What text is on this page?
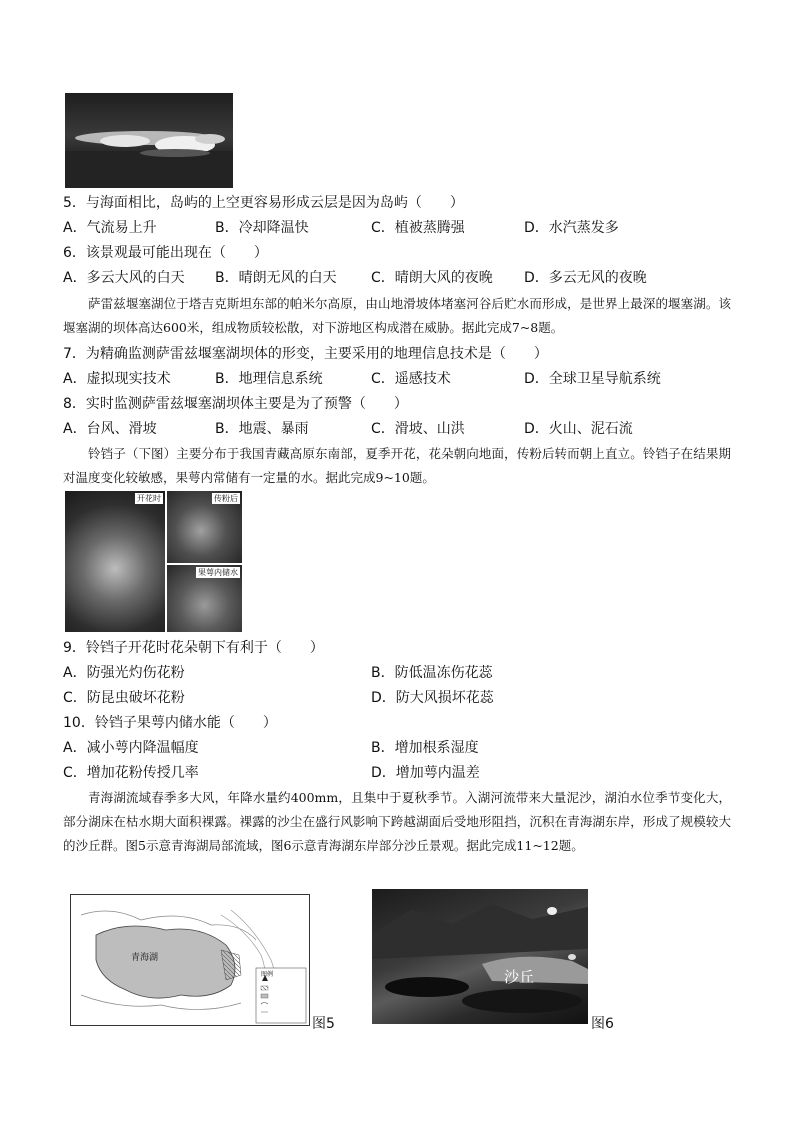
5．与海面相比，岛屿的上空更容易形成云层是因为岛屿（　　）
A．气流易上升	B．冷却降温快	C．植被蒸腾强	D．水汽蒸发多
6．该景观最可能出现在（　　）
A．多云大风的白天 B．晴朗无风的白天 C．晴朗大风的夜晚 D．多云无风的夜晚
萨雷兹堰塞湖位于塔吉克斯坦东部的帕米尔高原，由山地滑坡体堵塞河谷后贮水而形成，是世界上最深的堰塞湖。该堰塞湖的坝体高达600米，组成物质较松散，对下游地区构成潜在威胁。据此完成7~8题。
7．为精确监测萨雷兹堰塞湖坝体的形变，主要采用的地理信息技术是（　　）
A．虚拟现实技术	B．地理信息系统	C．遥感技术	D．全球卫星导航系统
8．实时监测萨雷兹堰塞湖坝体主要是为了预警（　　）
A．台风、滑坡	B．地震、暴雨	C．滑坡、山洪	D．火山、泥石流
铃铛子（下图）主要分布于我国青藏高原东南部，夏季开花，花朵朝向地面，传粉后转而朝上直立。铃铛子在结果期对温度变化较敏感，果萼内常储有一定量的水。据此完成9~10题。
开花时	传粉后
果萼内储水
9．铃铛子开花时花朵朝下有利于（　　）
A．防强光灼伤花粉	B．防低温冻伤花蕊
C．防昆虫破坏花粉	D．防大风损坏花蕊
10．铃铛子果萼内储水能（　　）
A．减小萼内降温幅度	B．增加根系湿度
C．增加花粉传授几率	D．增加萼内温差
青海湖流域春季多大风，年降水量约400mm，且集中于夏秋季节。入湖河流带来大量泥沙，湖泊水位季节变化大，部分湖床在枯水期大面积裸露。裸露的沙尘在盛行风影响下跨越湖面后受地形阻挡，沉积在青海湖东岸，形成了规模较大的沙丘群。图5示意青海湖局部流域，图6示意青海湖东岸部分沙丘景观。据此完成11~12题。
青海湖
图例
图5
沙丘
图6
